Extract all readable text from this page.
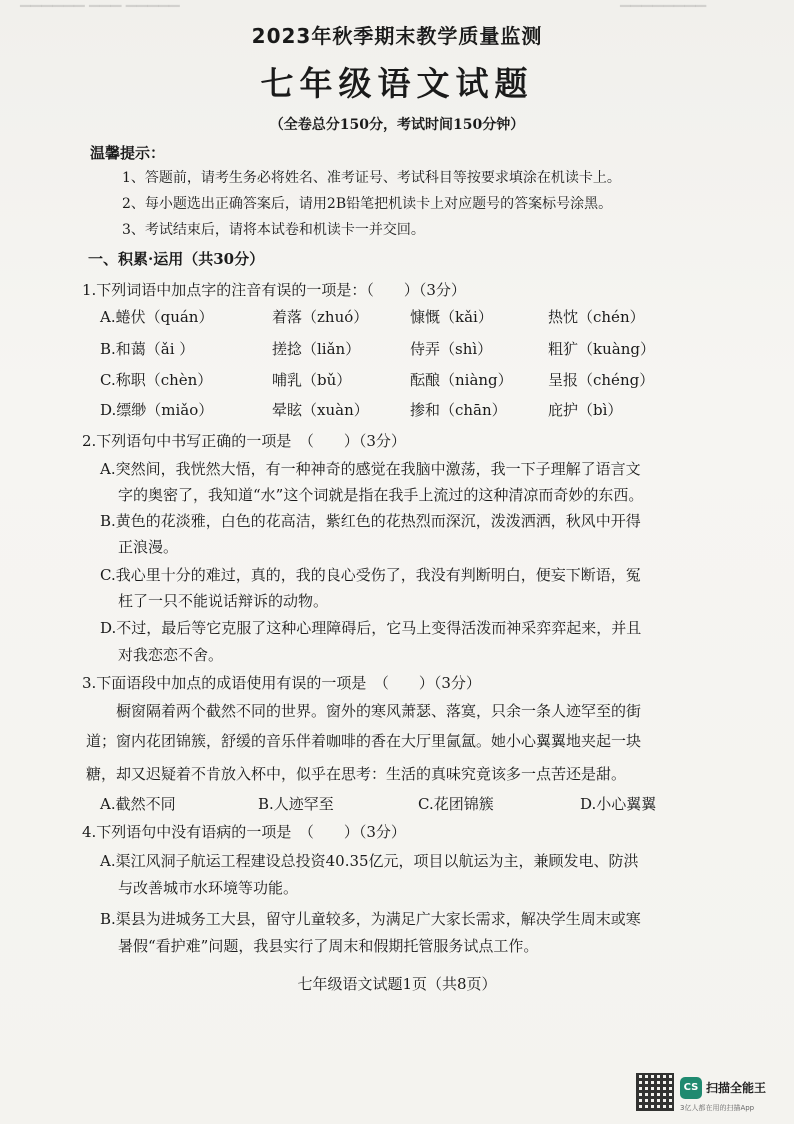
▔▔▔▔▔▔ ▔▔▔ ▔▔▔▔▔	▔▔▔▔▔▔▔▔
2023年秋季期末教学质量监测
七年级语文试题
（全卷总分150分，考试时间150分钟）
温馨提示：
1、答题前，请考生务必将姓名、准考证号、考试科目等按要求填涂在机读卡上。
2、每小题选出正确答案后，请用2B铅笔把机读卡上对应题号的答案标号涂黑。
3、考试结束后，请将本试卷和机读卡一并交回。
一、积累·运用（共30分）
1.下列词语中加点字的注音有误的一项是：（　　）（3分）
A.蜷伏（quán）	着落（zhuó）	慷慨（kǎi）	热忱（chén）
B.和蔼（ǎi ）	搓捻（liǎn）	侍弄（shì）	粗犷（kuàng）
C.称职（chèn）	哺乳（bǔ）	酝酿（niàng） 呈报（chéng）
D.缥缈（miǎo）	晕眩（xuàn）	掺和（chān）	庇护（bì）
2.下列语句中书写正确的一项是　（　　）（3分）
A.突然间，我恍然大悟，有一种神奇的感觉在我脑中激荡，我一下子理解了语言文
字的奥密了，我知道“水”这个词就是指在我手上流过的这种清凉而奇妙的东西。
B.黄色的花淡雅，白色的花高洁，紫红色的花热烈而深沉，泼泼洒洒，秋风中开得
正浪漫。
C.我心里十分的难过，真的，我的良心受伤了，我没有判断明白，便妄下断语，冤
枉了一只不能说话辩诉的动物。
D.不过，最后等它克服了这种心理障碍后，它马上变得活泼而神采弈弈起来，并且
对我恋恋不舍。
3.下面语段中加点的成语使用有误的一项是　（　　）（3分）
橱窗隔着两个截然不同的世界。窗外的寒风萧瑟、落寞，只余一条人迹罕至的街
道；窗内花团锦簇，舒缓的音乐伴着咖啡的香在大厅里氤氲。她小心翼翼地夹起一块
糖，却又迟疑着不肯放入杯中，似乎在思考：生活的真味究竟该多一点苦还是甜。
A.截然不同	B.人迹罕至	C.花团锦簇	D.小心翼翼
4.下列语句中没有语病的一项是　（　　）（3分）
A.渠江风洞子航运工程建设总投资40.35亿元，项目以航运为主，兼顾发电、防洪
与改善城市水环境等功能。
B.渠县为进城务工大县，留守儿童较多，为满足广大家长需求，解决学生周末或寒
暑假“看护难”问题，我县实行了周末和假期托管服务试点工作。
七年级语文试题1页（共8页）
CS 扫描全能王
3亿人都在用的扫描App
